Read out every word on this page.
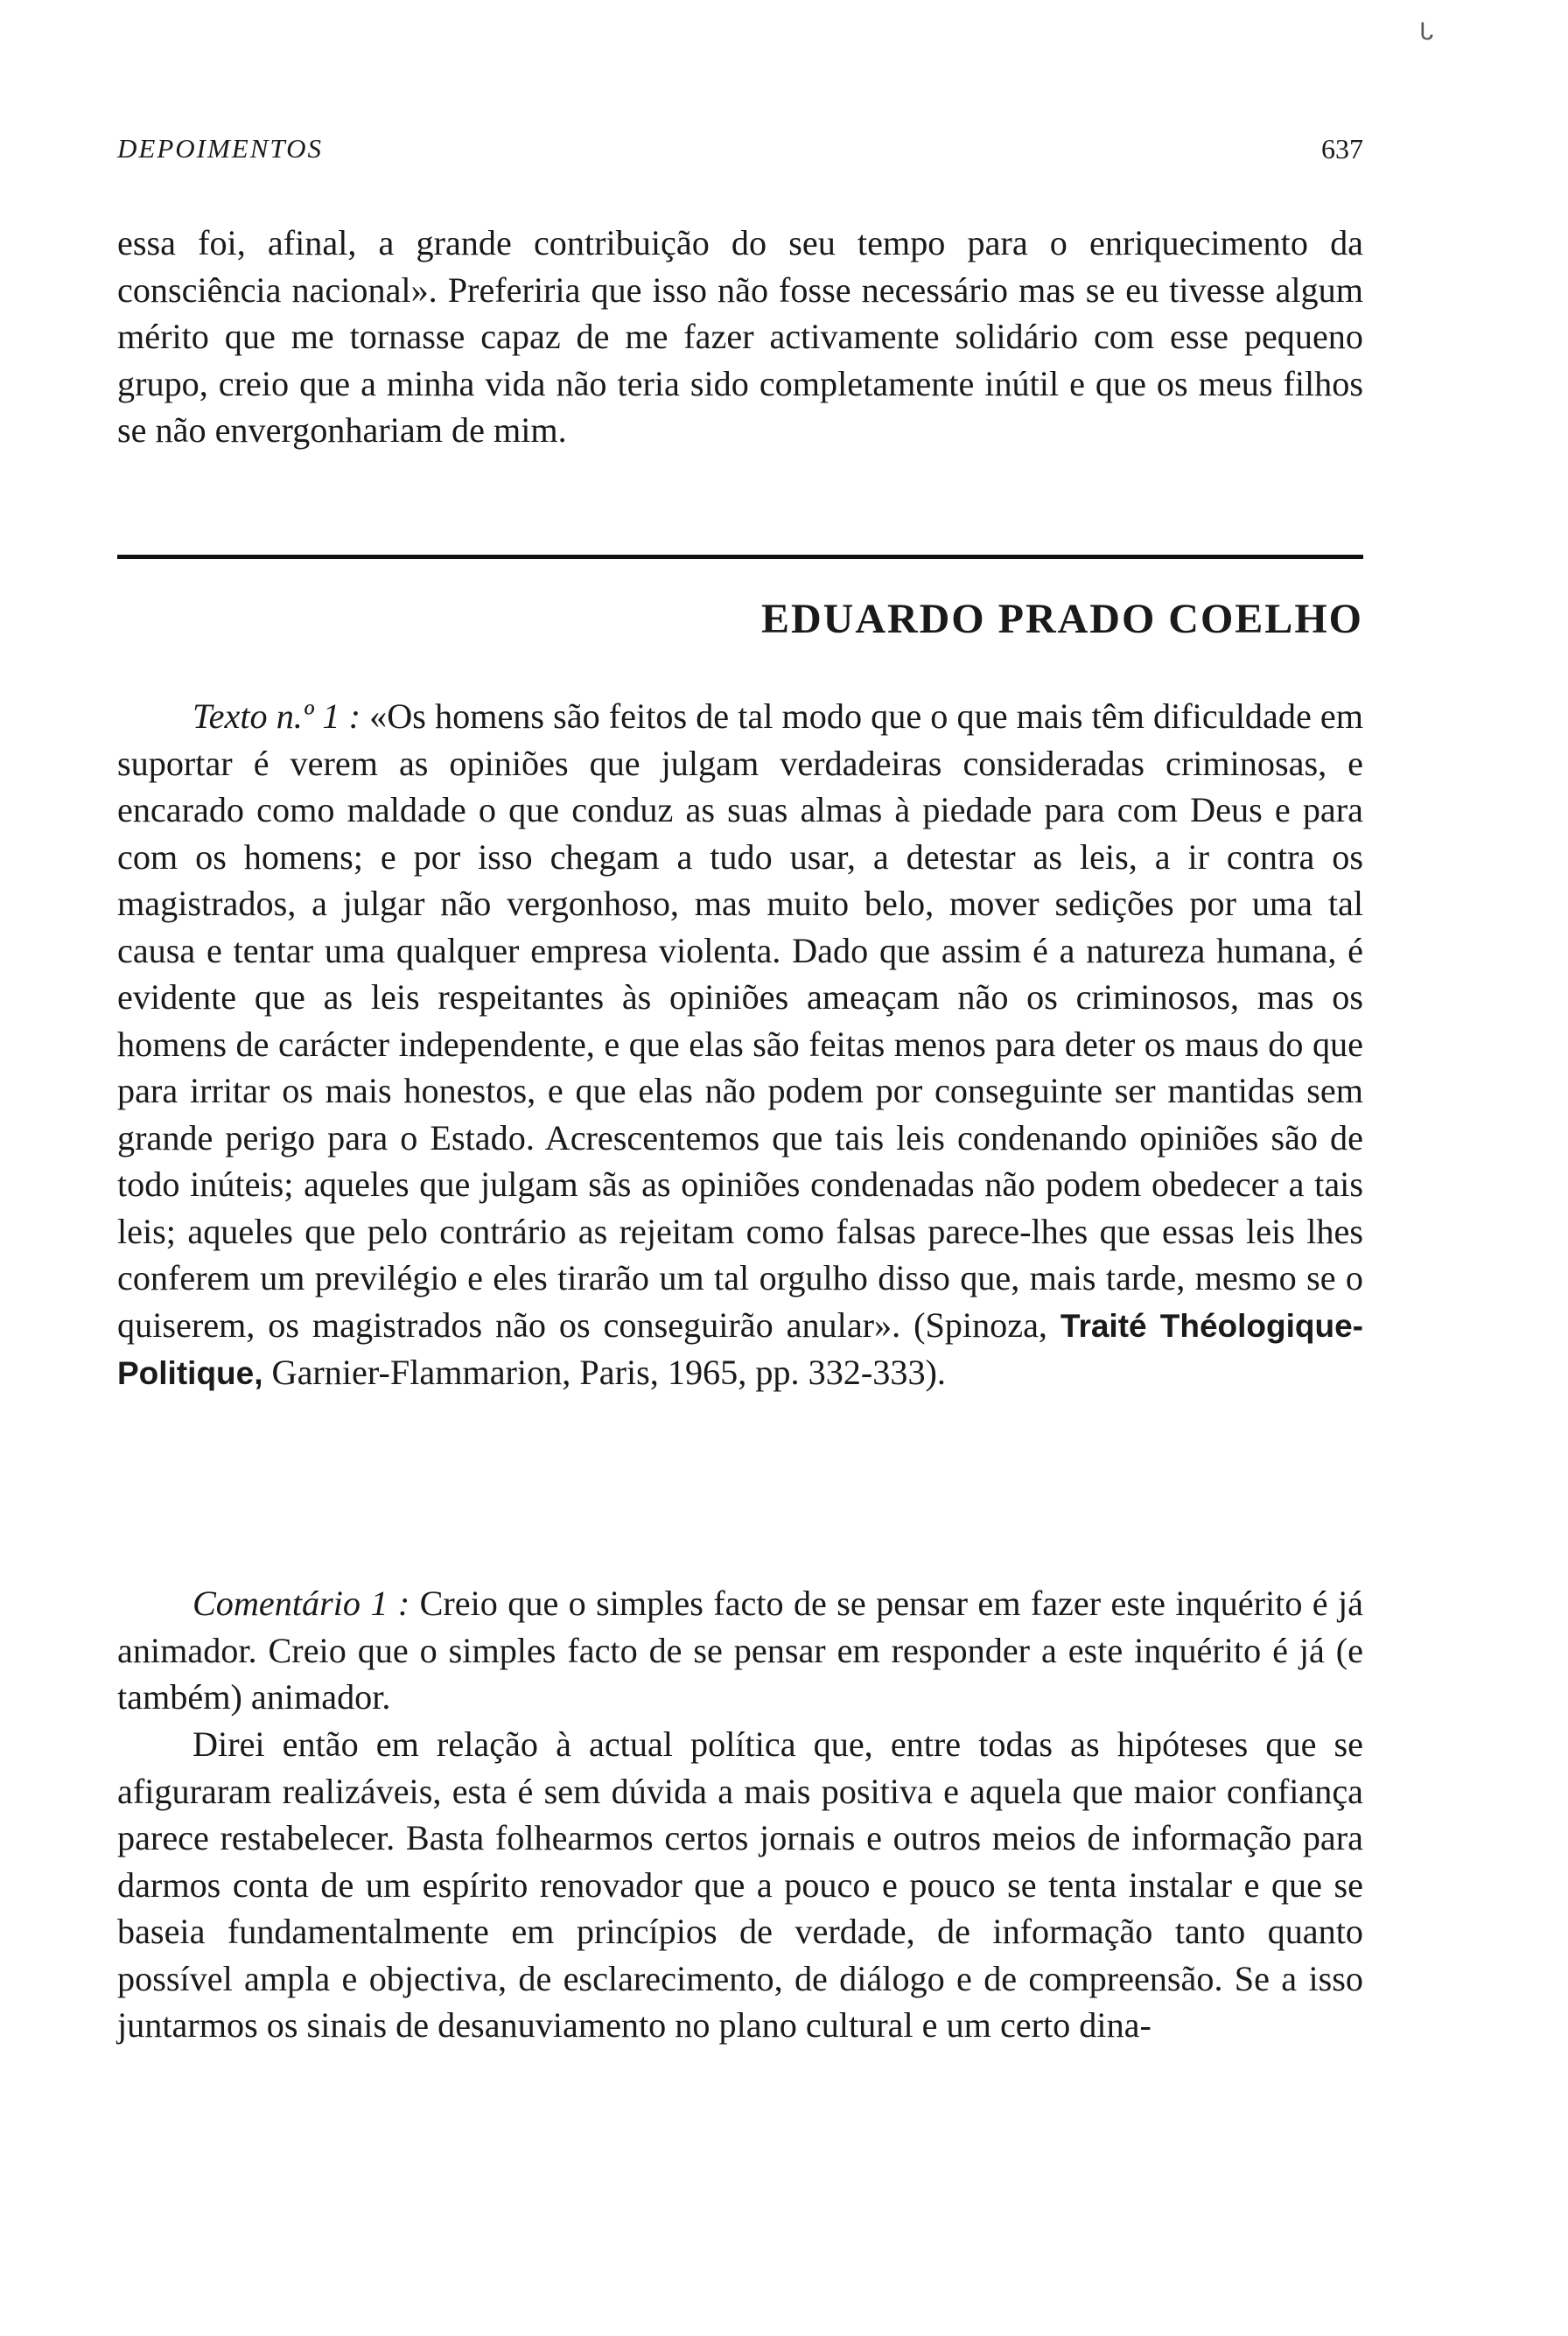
ᒐ
DEPOIMENTOS	637

essa foi, afinal, a grande contribuição do seu tempo para o enriquecimento da consciência nacional». Preferiria que isso não fosse necessário mas se eu tivesse algum mérito que me tornasse capaz de me fazer activamente solidário com esse pequeno grupo, creio que a minha vida não teria sido completamente inútil e que os meus filhos se não envergonhariam de mim.

EDUARDO PRADO COELHO

Texto n.º 1 : «Os homens são feitos de tal modo que o que mais têm dificuldade em suportar é verem as opiniões que julgam verdadeiras consideradas criminosas, e encarado como maldade o que conduz as suas almas à piedade para com Deus e para com os homens; e por isso chegam a tudo usar, a detestar as leis, a ir contra os magistrados, a julgar não vergonhoso, mas muito belo, mover sedições por uma tal causa e tentar uma qualquer empresa violenta. Dado que assim é a natureza humana, é evidente que as leis respeitantes às opiniões ameaçam não os criminosos, mas os homens de carácter independente, e que elas são feitas menos para deter os maus do que para irritar os mais honestos, e que elas não podem por conseguinte ser mantidas sem grande perigo para o Estado. Acrescentemos que tais leis condenando opiniões são de todo inúteis; aqueles que julgam sãs as opiniões condenadas não podem obedecer a tais leis; aqueles que pelo contrário as rejeitam como falsas parece-lhes que essas leis lhes conferem um previlégio e eles tirarão um tal orgulho disso que, mais tarde, mesmo se o quiserem, os magistrados não os conseguirão anular». (Spinoza, Traité Théologique-Politique, Garnier-Flammarion, Paris, 1965, pp. 332-333).

Comentário 1 : Creio que o simples facto de se pensar em fazer este inquérito é já animador. Creio que o simples facto de se pensar em responder a este inquérito é já (e também) animador.

Direi então em relação à actual política que, entre todas as hipóteses que se afiguraram realizáveis, esta é sem dúvida a mais positiva e aquela que maior confiança parece restabelecer. Basta folhearmos certos jornais e outros meios de informação para darmos conta de um espírito renovador que a pouco e pouco se tenta instalar e que se baseia fundamentalmente em princípios de verdade, de informação tanto quanto possível ampla e objectiva, de esclarecimento, de diálogo e de compreensão. Se a isso juntarmos os sinais de desanuviamento no plano cultural e um certo dina-
